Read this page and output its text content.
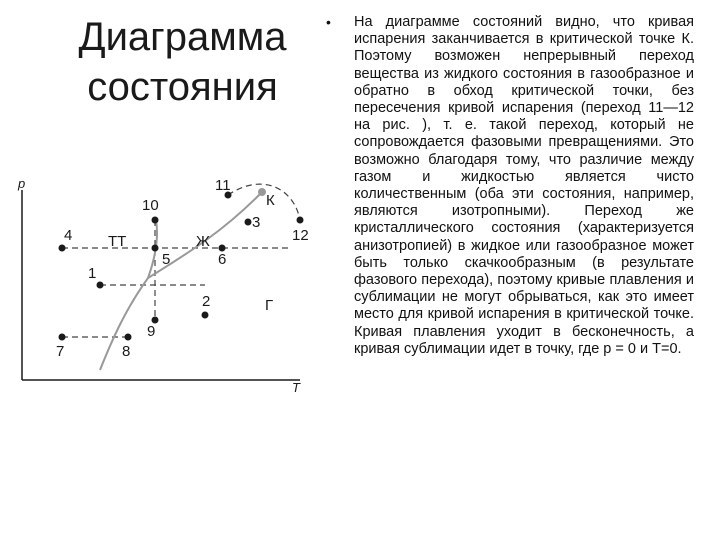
Диаграмма
состояния
p
T
1
2
3
4
5	6
7	8
9
10
11
12
К
ТТ	Ж
Г
• На диаграмме состояний видно, что кривая испарения заканчивается в критической точке К. Поэтому возможен непрерывный переход вещества из жидкого состояния в газообразное и обратно в обход критической точки, без пересечения кривой испарения (переход 11—12 на рис. ), т. е. такой переход, который не сопровождается фазовыми превращениями. Это возможно благодаря тому, что различие между газом и жидкостью является чисто количественным (оба эти состояния, например, являются изотропными). Переход же кристаллического состояния (характеризуется анизотропией) в жидкое или газообразное может быть только скачкообразным (в результате фазового перехода), поэтому кривые плавления и сублимации не могут обрываться, как это имеет место для кривой испарения в критической точке. Кривая плавления уходит в бесконечность, а кривая сублимации идет в точку, где p = 0 и T=0.
